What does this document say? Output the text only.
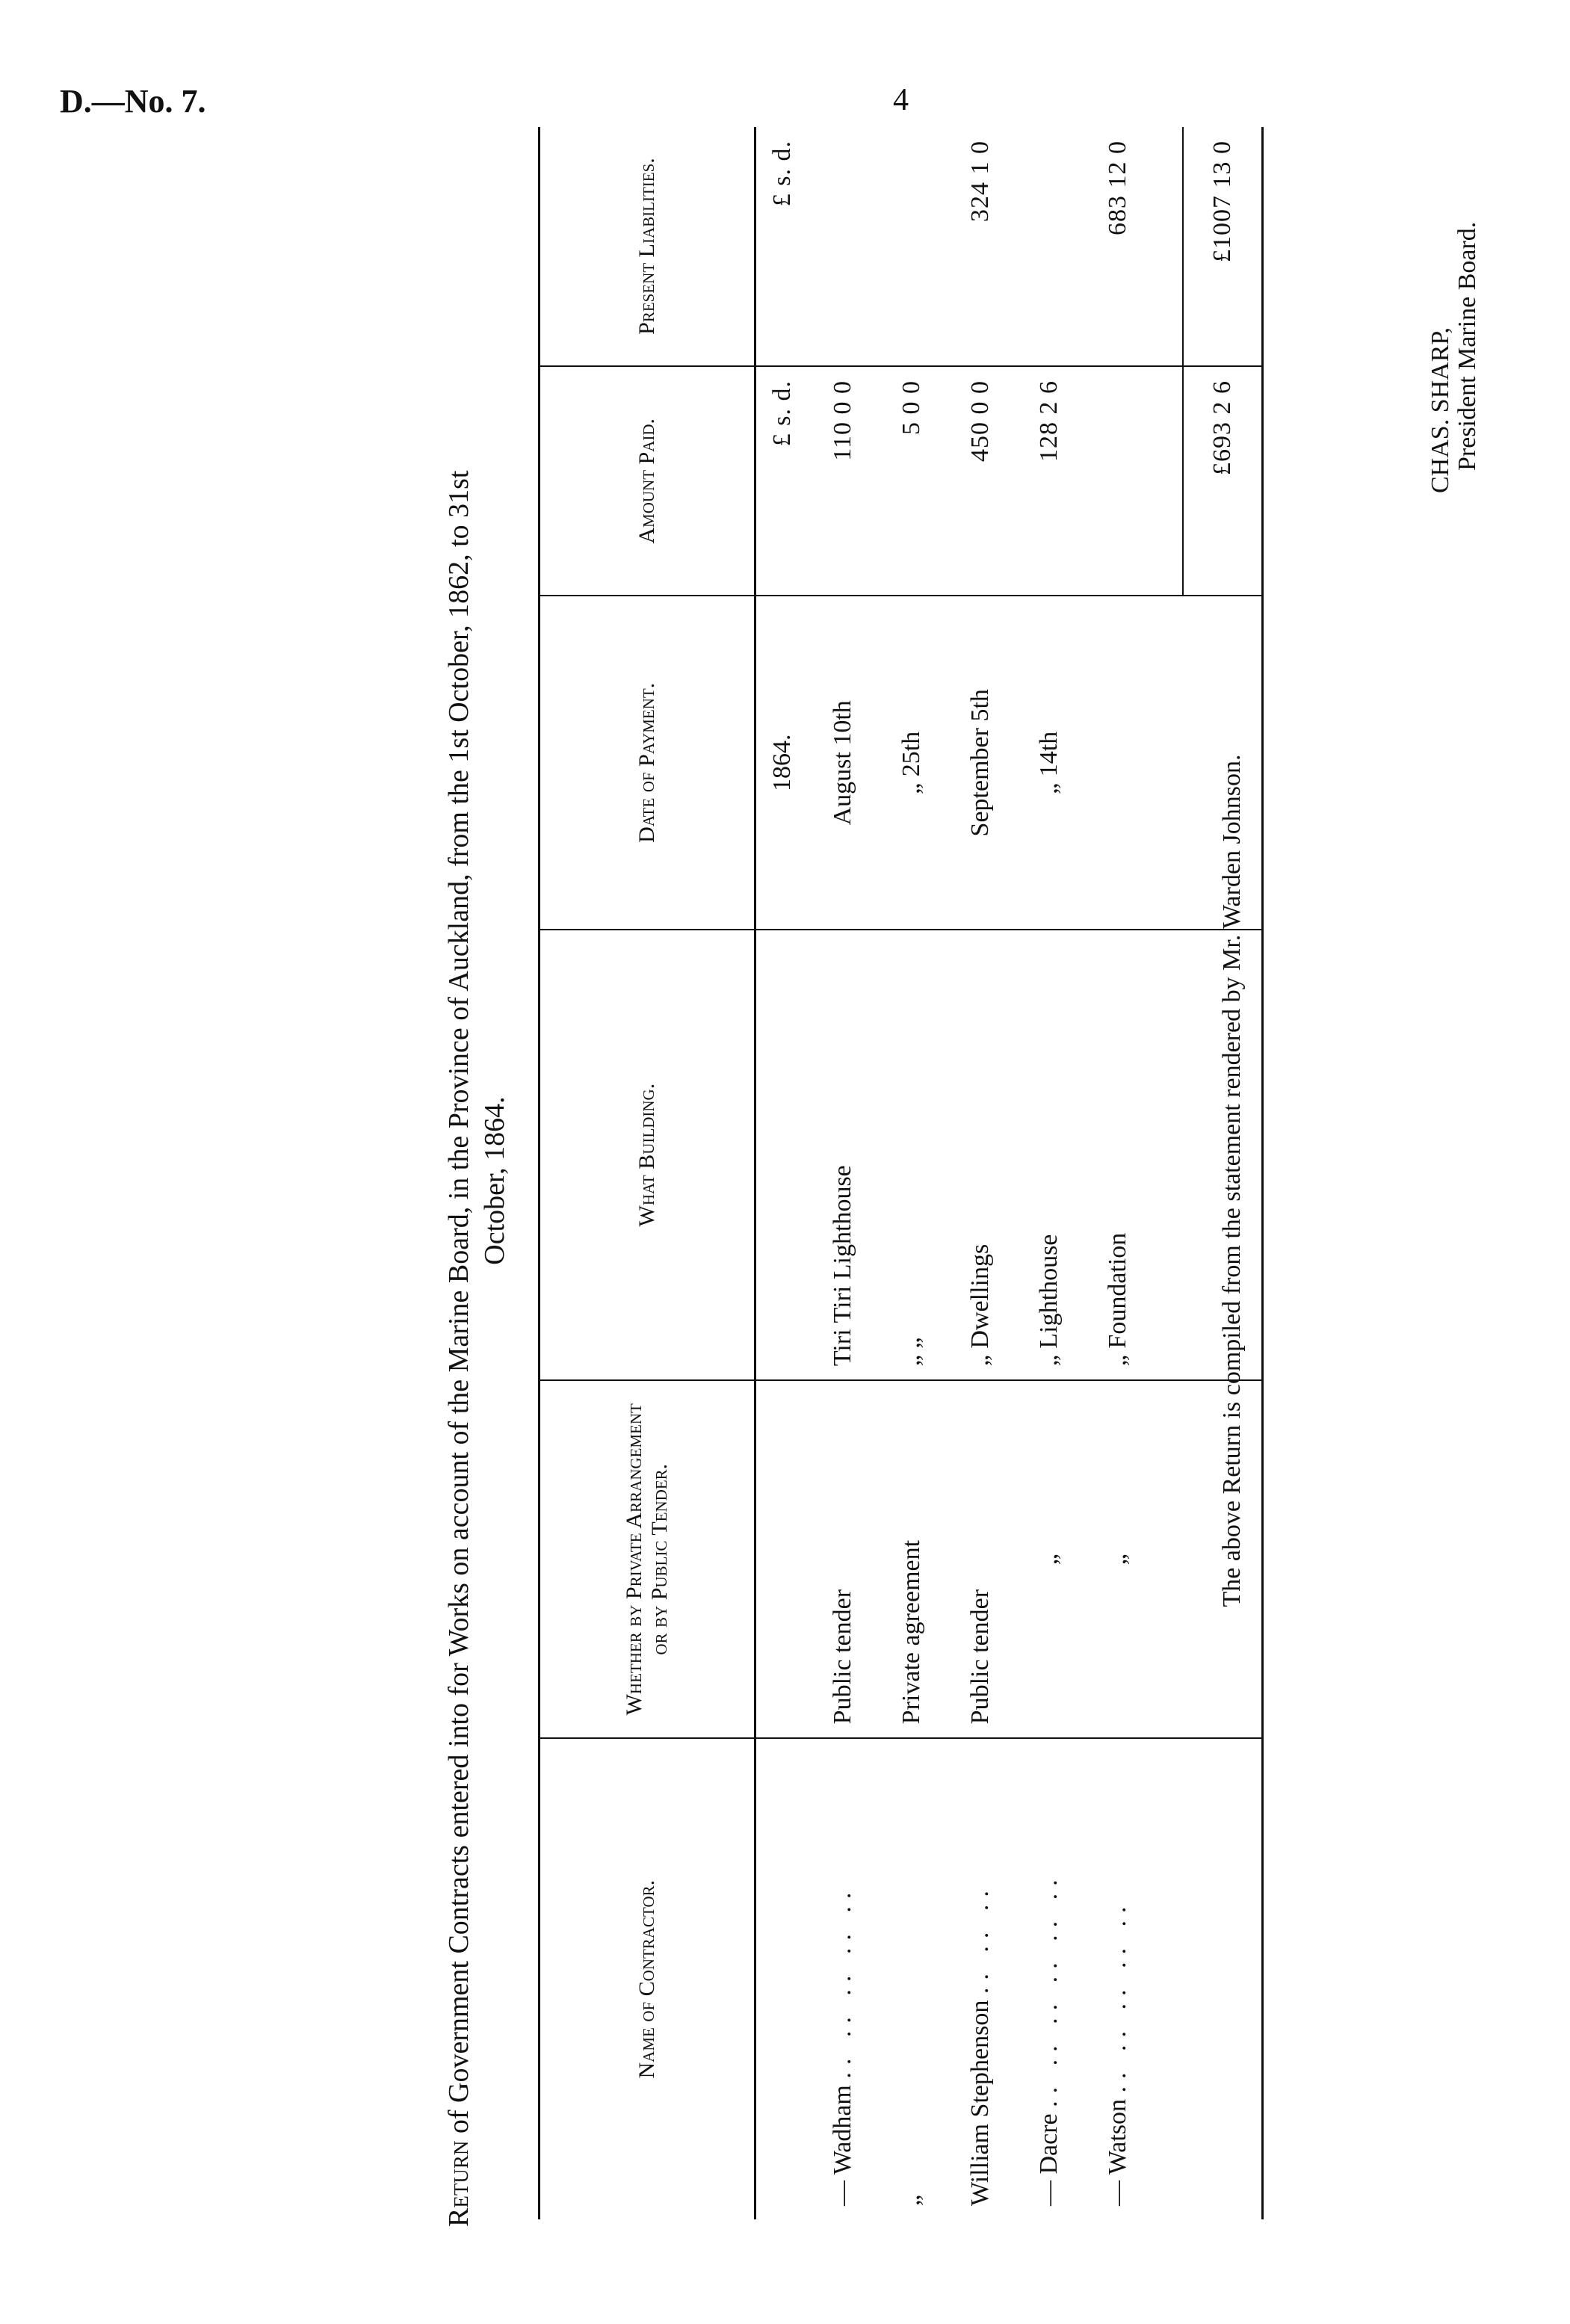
D.—No. 7.	4
Return of Government Contracts entered into for Works on account of the Marine Board, in the Province of Auckland, from the 1st October, 1862, to 31st October, 1864.
Name of Contractor.	Whether by Private Arrangement or by Public Tender.	What Building.	Date of Payment.	Amount Paid.	Present Liabilities.
			1864.	£ s. d.	£ s. d.
— Wadham .. .. .. .. ..	Public tender	Tiri Tiri Lighthouse	August 10th	110 0 0	
„	Private agreement	„ „	„ 25th	5 0 0	
William Stephenson .. .. ..	Public tender	„ Dwellings	September 5th	450 0 0	324 1 0
— Dacre .. .. .. .. .. ..	„	„ Lighthouse	„ 14th	128 2 6	
— Watson .. .. .. .. ..	„	„ Foundation			683 12 0

				£693 2 6	£1007 13 0
The above Return is compiled from the statement rendered by Mr. Warden Johnson.
CHAS. SHARP, President Marine Board.
